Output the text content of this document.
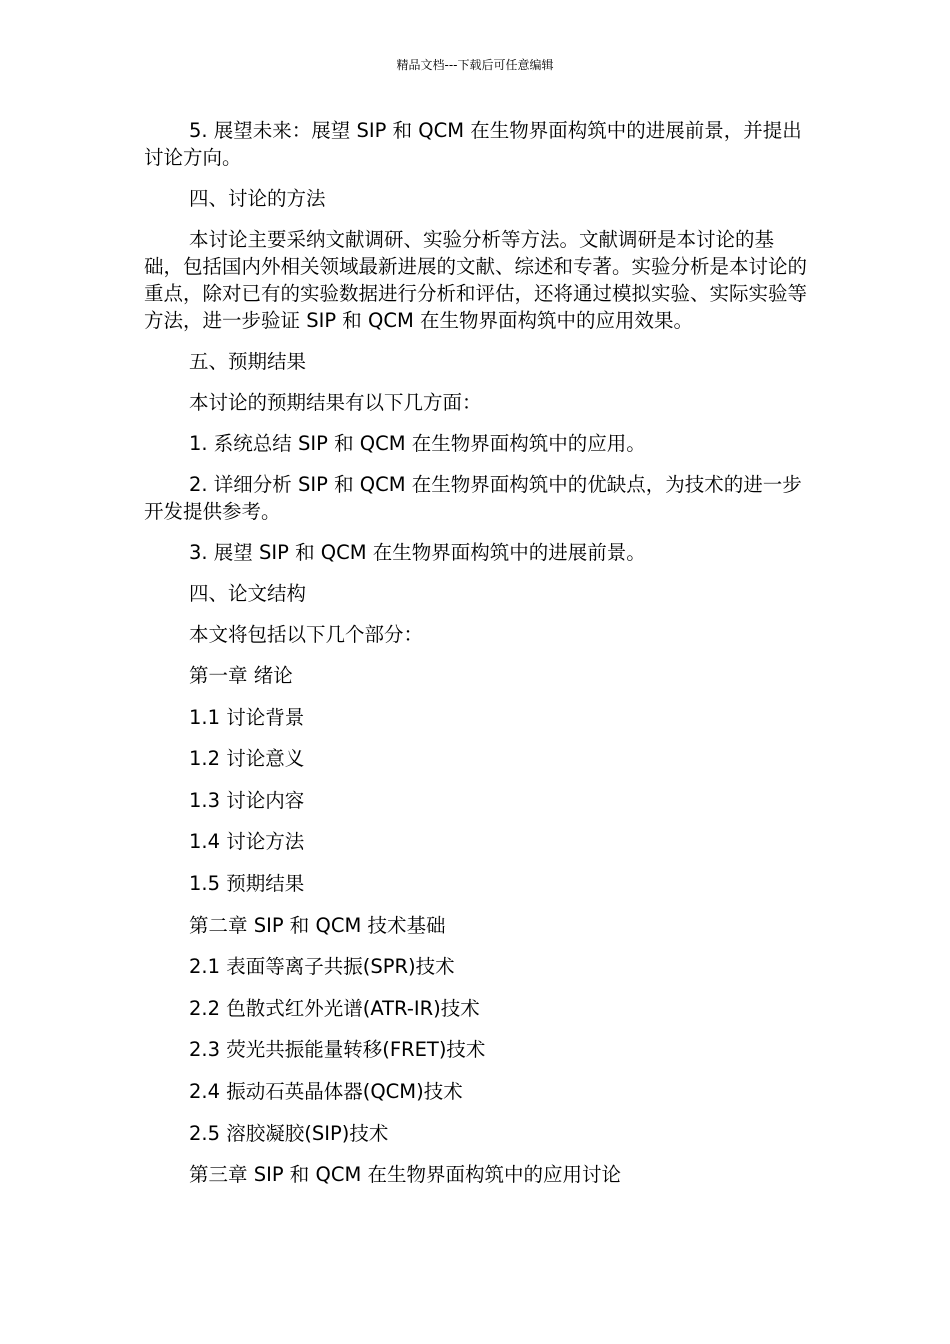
精品文档---下载后可任意编辑

5. 展望未来：展望 SIP 和 QCM 在生物界面构筑中的进展前景，并提出讨论方向。

四、讨论的方法

本讨论主要采纳文献调研、实验分析等方法。文献调研是本讨论的基础，包括国内外相关领域最新进展的文献、综述和专著。实验分析是本讨论的重点，除对已有的实验数据进行分析和评估，还将通过模拟实验、实际实验等方法，进一步验证 SIP 和 QCM 在生物界面构筑中的应用效果。

五、预期结果

本讨论的预期结果有以下几方面：

1. 系统总结 SIP 和 QCM 在生物界面构筑中的应用。

2. 详细分析 SIP 和 QCM 在生物界面构筑中的优缺点，为技术的进一步开发提供参考。

3. 展望 SIP 和 QCM 在生物界面构筑中的进展前景。

四、论文结构

本文将包括以下几个部分：

第一章 绪论
1.1 讨论背景
1.2 讨论意义
1.3 讨论内容
1.4 讨论方法
1.5 预期结果
第二章 SIP 和 QCM 技术基础
2.1 表面等离子共振(SPR)技术
2.2 色散式红外光谱(ATR-IR)技术
2.3 荧光共振能量转移(FRET)技术
2.4 振动石英晶体器(QCM)技术
2.5 溶胶凝胶(SIP)技术
第三章 SIP 和 QCM 在生物界面构筑中的应用讨论
